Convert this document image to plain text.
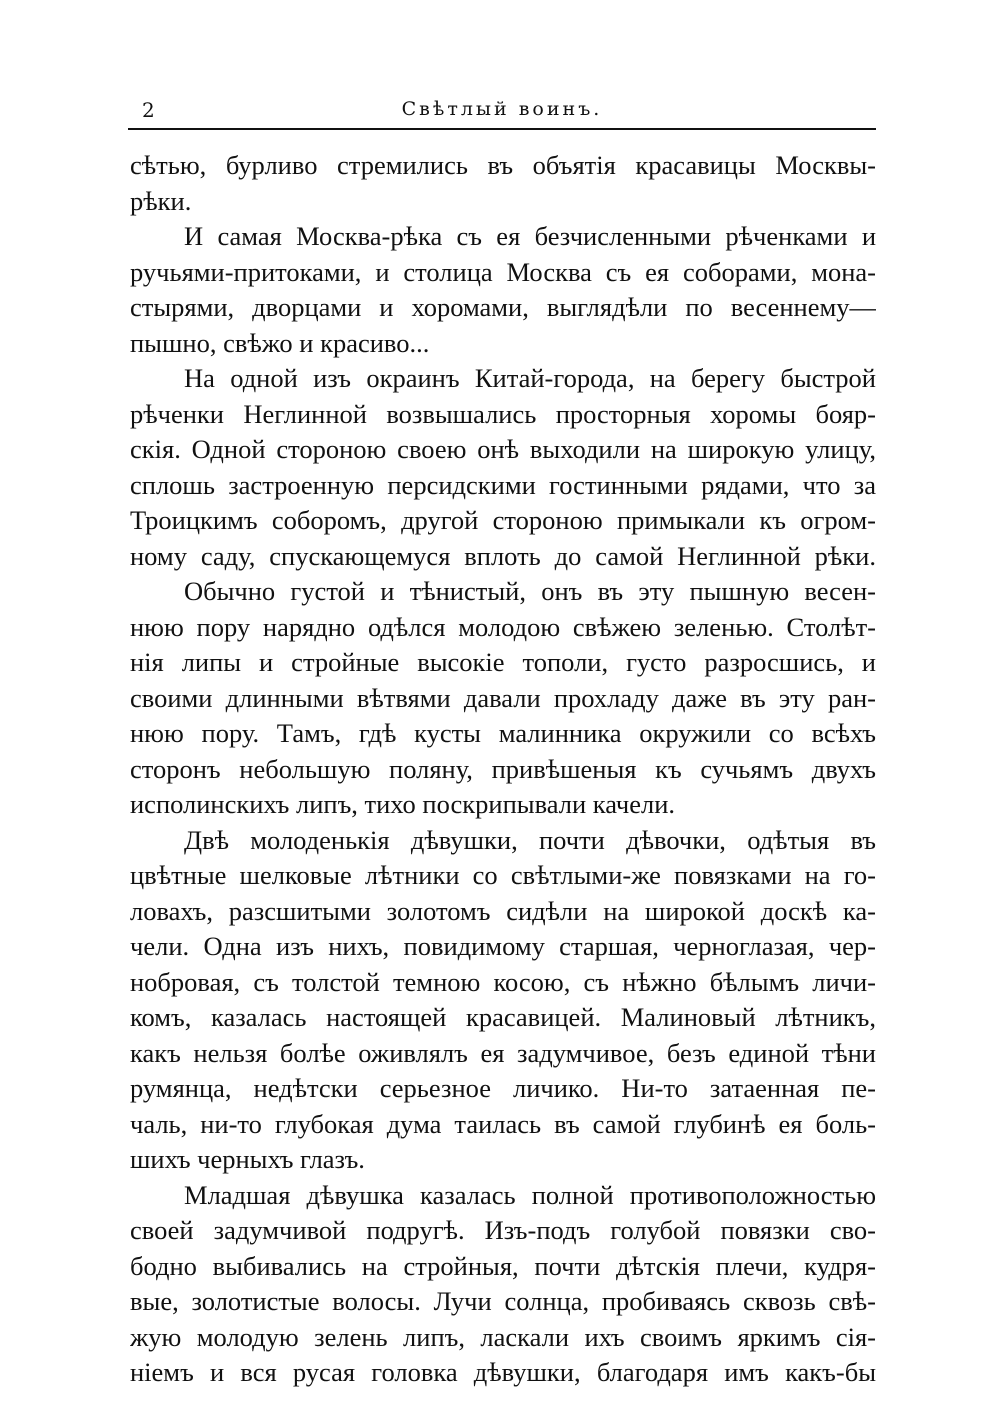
2	Свѣтлый воинъ.
сѣтью, бурливо стремились въ объятія красавицы Москвы-
рѣки.
И самая Москва-рѣка съ ея безчисленными рѣченками и
ручьями-притоками, и столица Москва съ ея соборами, мона-
стырями, дворцами и хоромами, выглядѣли по весеннему—
пышно, свѣжо и красиво...
На одной изъ окраинъ Китай-города, на берегу быстрой
рѣченки Неглинной возвышались просторныя хоромы бояр-
скія. Одной стороною своею онѣ выходили на широкую улицу,
сплошь застроенную персидскими гостинными рядами, что за
Троицкимъ соборомъ, другой стороною примыкали къ огром-
ному саду, спускающемуся вплоть до самой Неглинной рѣки.
Обычно густой и тѣнистый, онъ въ эту пышную весен-
нюю пору нарядно одѣлся молодою свѣжею зеленью. Столѣт-
нія липы и стройные высокіе тополи, густо разросшись, и
своими длинными вѣтвями давали прохладу даже въ эту ран-
нюю пору. Тамъ, гдѣ кусты малинника окружили со всѣхъ
сторонъ небольшую поляну, привѣшеныя къ сучьямъ двухъ
исполинскихъ липъ, тихо поскрипывали качели.
Двѣ молоденькія дѣвушки, почти дѣвочки, одѣтыя въ
цвѣтные шелковые лѣтники со свѣтлыми-же повязками на го-
ловахъ, разсшитыми золотомъ сидѣли на широкой доскѣ ка-
чели. Одна изъ нихъ, повидимому старшая, черноглазая, чер-
нобровая, съ толстой темною косою, съ нѣжно бѣлымъ личи-
комъ, казалась настоящей красавицей. Малиновый лѣтникъ,
какъ нельзя болѣе оживлялъ ея задумчивое, безъ единой тѣни
румянца, недѣтски серьезное личико. Ни-то затаенная пе-
чаль, ни-то глубокая дума таилась въ самой глубинѣ ея боль-
шихъ черныхъ глазъ.
Младшая дѣвушка казалась полной противоположностью
своей задумчивой подругѣ. Изъ-подъ голубой повязки сво-
бодно выбивались на стройныя, почти дѣтскія плечи, кудря-
вые, золотистые волосы. Лучи солнца, пробиваясь сквозь свѣ-
жую молодую зелень липъ, ласкали ихъ своимъ яркимъ сія-
ніемъ и вся русая головка дѣвушки, благодаря имъ какъ-бы
